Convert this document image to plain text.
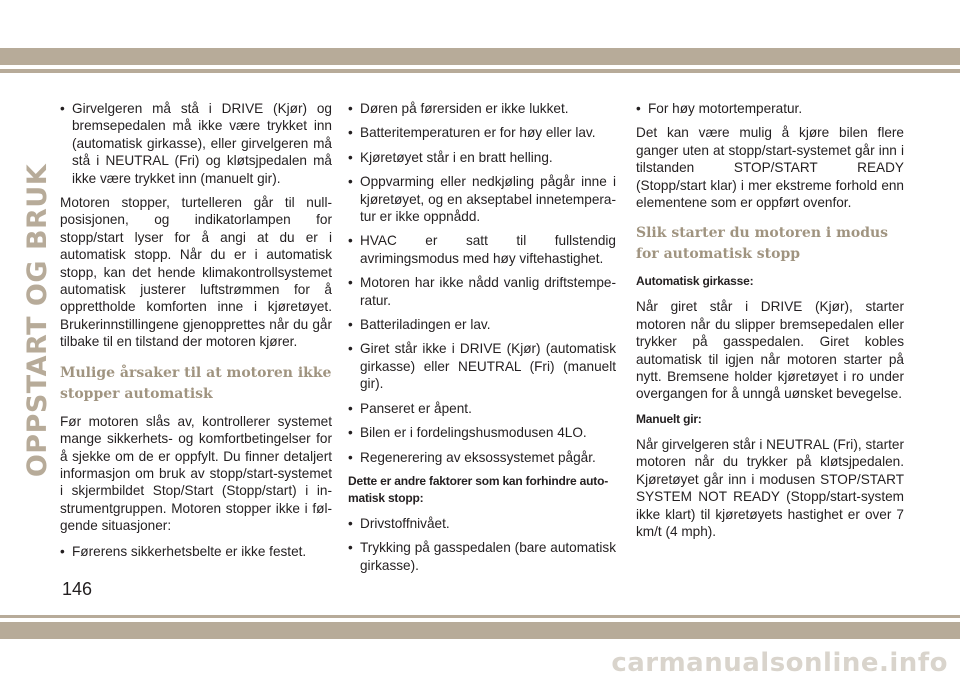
OPPSTART OG BRUK
• Girvelgeren må stå i DRIVE (Kjør) og bremsepedalen må ikke være trykket inn (automatisk girkasse), eller girvelgeren må stå i NEUTRAL (Fri) og kløtsjpedalen må ikke være trykket inn (manuelt gir).
Motoren stopper, turtelleren går til nullposisjonen, og indikatorlampen for stopp/start lyser for å angi at du er i automatisk stopp. Når du er i automatisk stopp, kan det hende klimakontrollsystemet automatisk justerer luftstrømmen for å opprettholde komforten inne i kjøretøyet. Brukerinnstillingene gjenopprettes når du går tilbake til en tilstand der motoren kjører.
Mulige årsaker til at motoren ikke stopper automatisk
Før motoren slås av, kontrollerer systemet mange sikkerhets- og komfortbetingelser for å sjekke om de er oppfylt. Du finner detaljert informasjon om bruk av stopp/start-systemet i skjermbildet Stop/Start (Stopp/start) i instrumentgruppen. Motoren stopper ikke i følgende situasjoner:
• Førerens sikkerhetsbelte er ikke festet.
• Døren på førersiden er ikke lukket.
• Batteritemperaturen er for høy eller lav.
• Kjøretøyet står i en bratt helling.
• Oppvarming eller nedkjøling pågår inne i kjøretøyet, og en akseptabel innetemperatur er ikke oppnådd.
• HVAC er satt til fullstendig avrimingsmodus med høy viftehastighet.
• Motoren har ikke nådd vanlig driftstemperatur.
• Batteriladingen er lav.
• Giret står ikke i DRIVE (Kjør) (automatisk girkasse) eller NEUTRAL (Fri) (manuelt gir).
• Panseret er åpent.
• Bilen er i fordelingshusmodusen 4LO.
• Regenerering av eksossystemet pågår.
Dette er andre faktorer som kan forhindre automatisk stopp:
• Drivstoffnivået.
• Trykking på gasspedalen (bare automatisk girkasse).
• For høy motortemperatur.
Det kan være mulig å kjøre bilen flere ganger uten at stopp/start-systemet går inn i tilstanden STOP/START READY (Stopp/start klar) i mer ekstreme forhold enn elementene som er oppført ovenfor.
Slik starter du motoren i modus for automatisk stopp
Automatisk girkasse:
Når giret står i DRIVE (Kjør), starter motoren når du slipper bremsepedalen eller trykker på gasspedalen. Giret kobles automatisk til igjen når motoren starter på nytt. Bremsene holder kjøretøyet i ro under overgangen for å unngå uønsket bevegelse.
Manuelt gir:
Når girvelgeren står i NEUTRAL (Fri), starter motoren når du trykker på kløtsjpedalen. Kjøretøyet går inn i modusen STOP/START SYSTEM NOT READY (Stopp/start-system ikke klart) til kjøretøyets hastighet er over 7 km/t (4 mph).
146
carmanualsonline.info
